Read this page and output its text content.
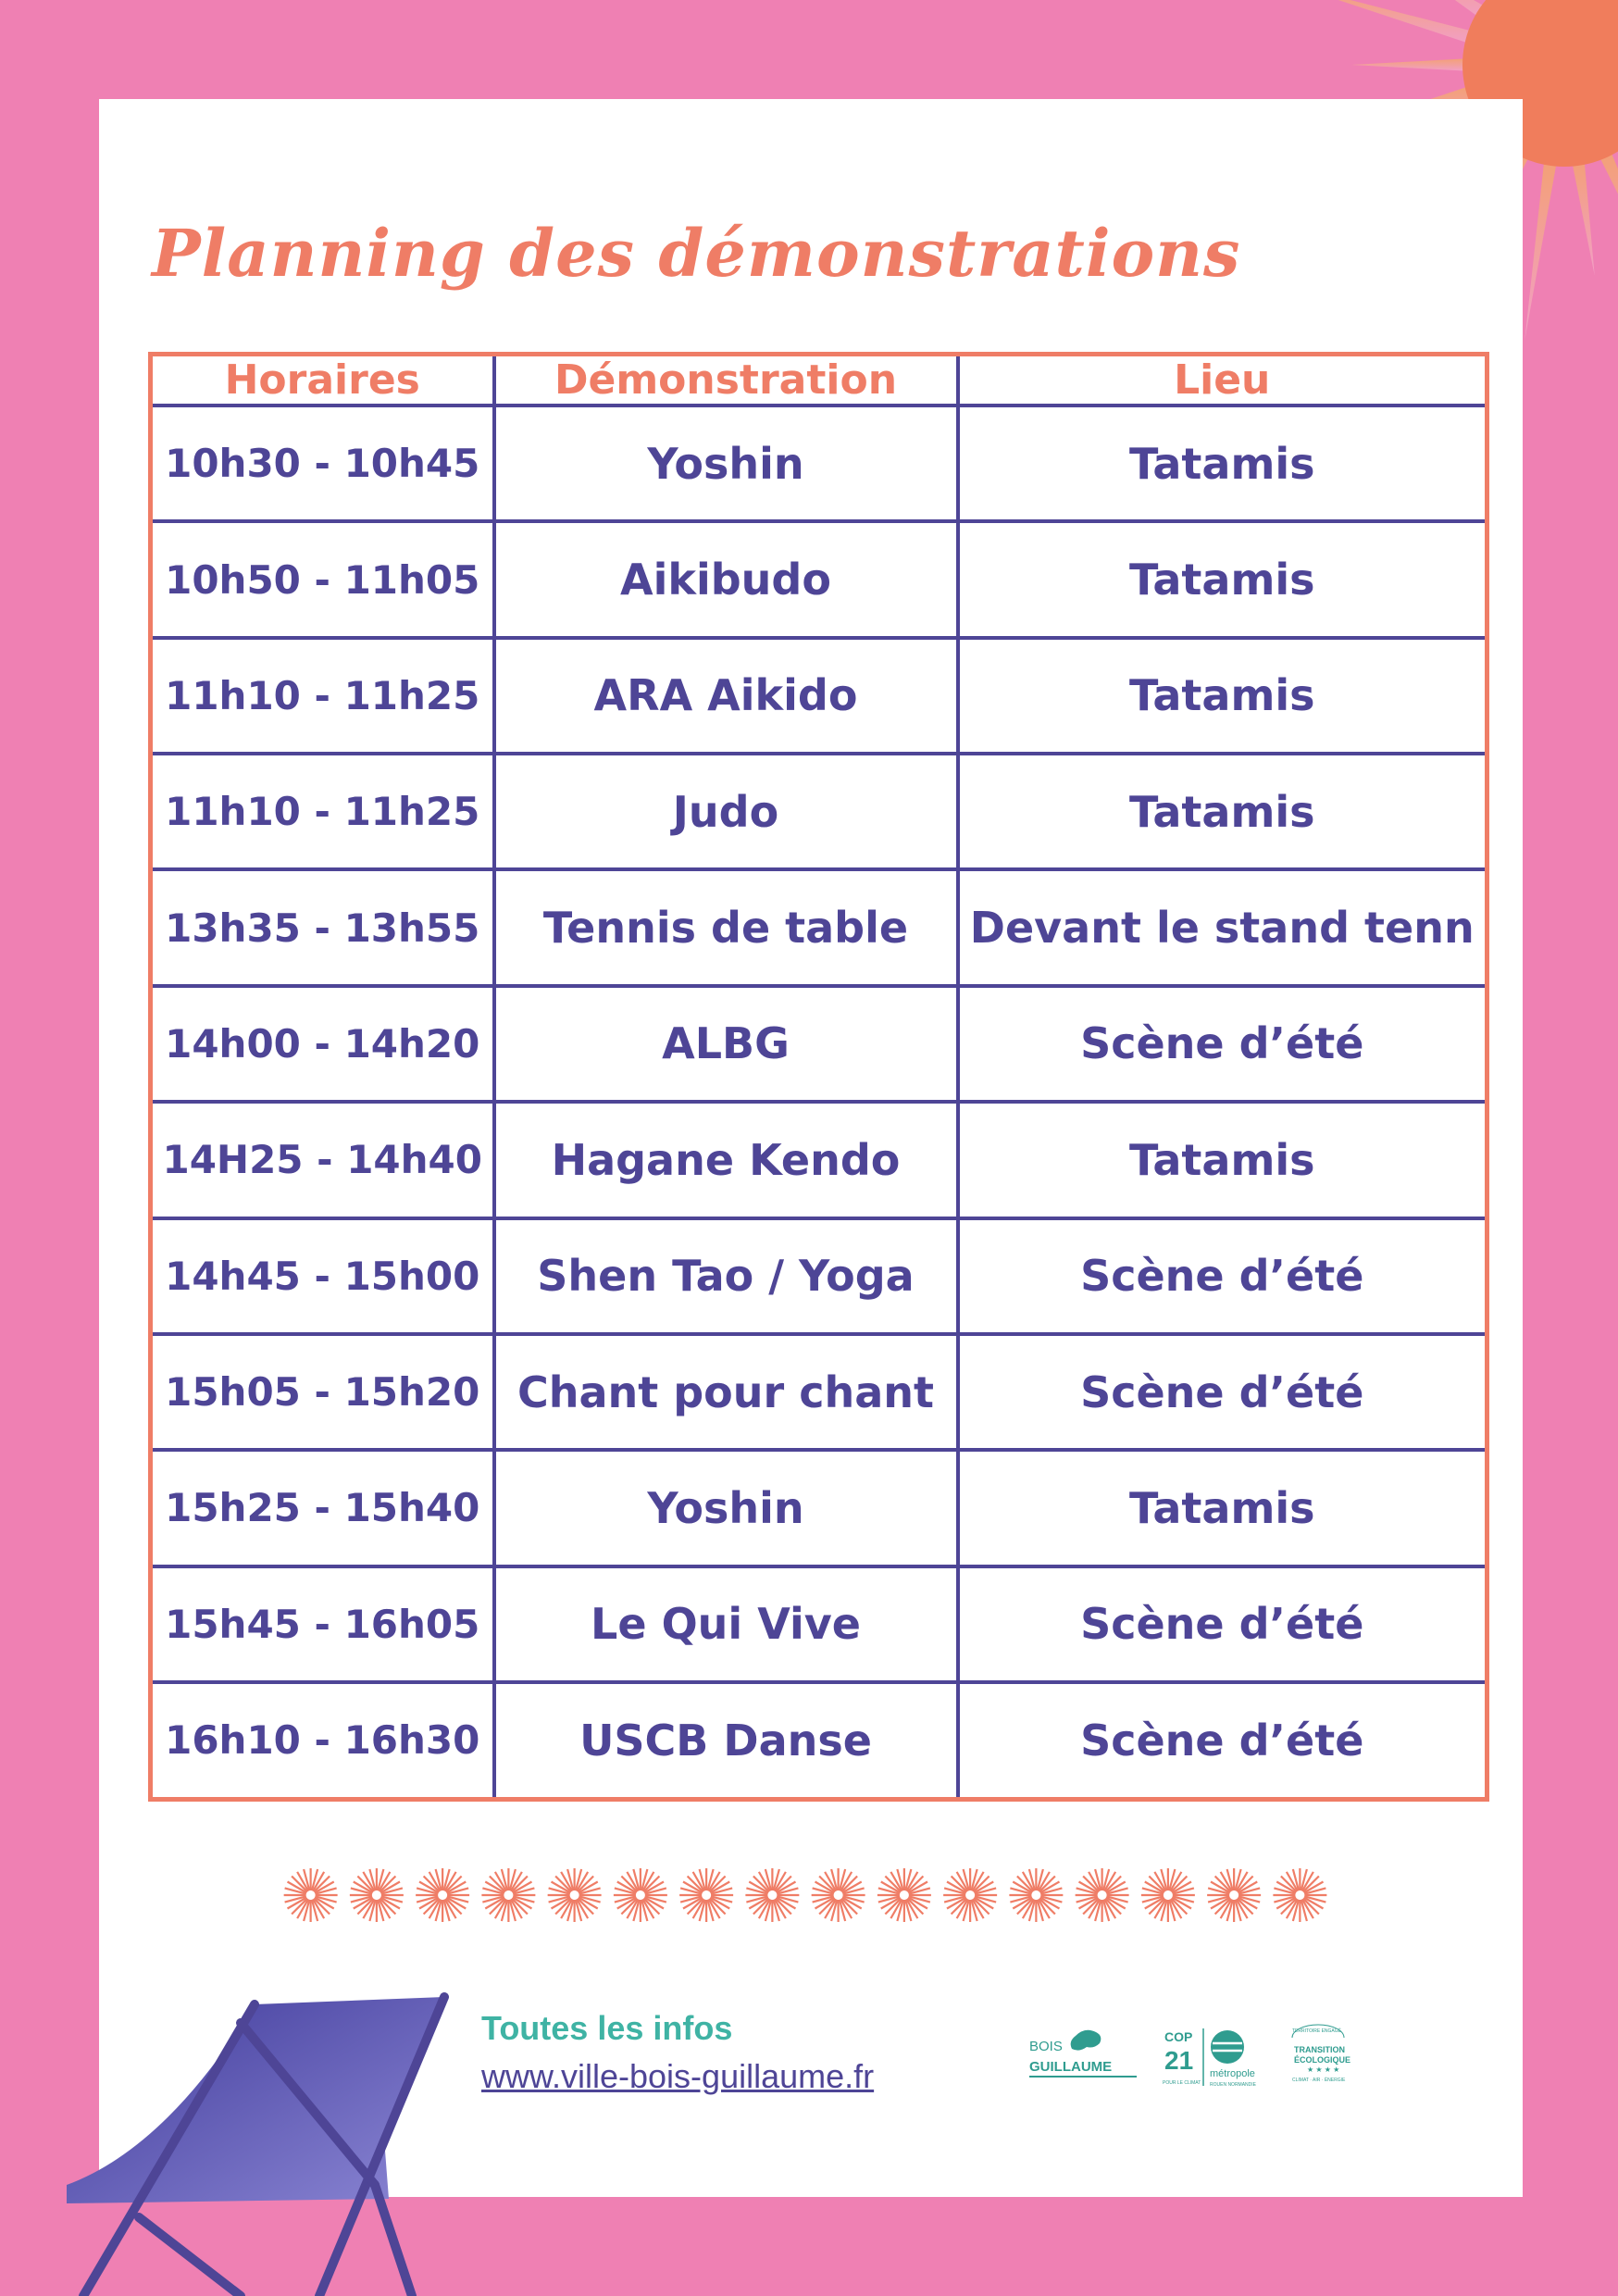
Planning des démonstrations
Horaires	Démonstration	Lieu
10h30 - 10h45	Yoshin	Tatamis
10h50 - 11h05	Aikibudo	Tatamis
11h10 - 11h25	ARA Aikido	Tatamis
11h10 - 11h25	Judo	Tatamis
13h35 - 13h55	Tennis de table	Devant le stand tenn
14h00 - 14h20	ALBG	Scène d’été
14H25 - 14h40	Hagane Kendo	Tatamis
14h45 - 15h00	Shen Tao / Yoga	Scène d’été
15h05 - 15h20	Chant pour chant	Scène d’été
15h25 - 15h40	Yoshin	Tatamis
15h45 - 16h05	Le Qui Vive	Scène d’été
16h10 - 16h30	USCB Danse	Scène d’été
Toutes les infos
www.ville-bois-guillaume.fr
BOIS
GUILLAUME
COP
21
POUR LE CLIMAT
métropole
ROUEN NORMANDIE
TERRITOIRE ENGAGÉ
TRANSITION
ÉCOLOGIQUE
★ ★ ★ ★
CLIMAT · AIR · ÉNERGIE
